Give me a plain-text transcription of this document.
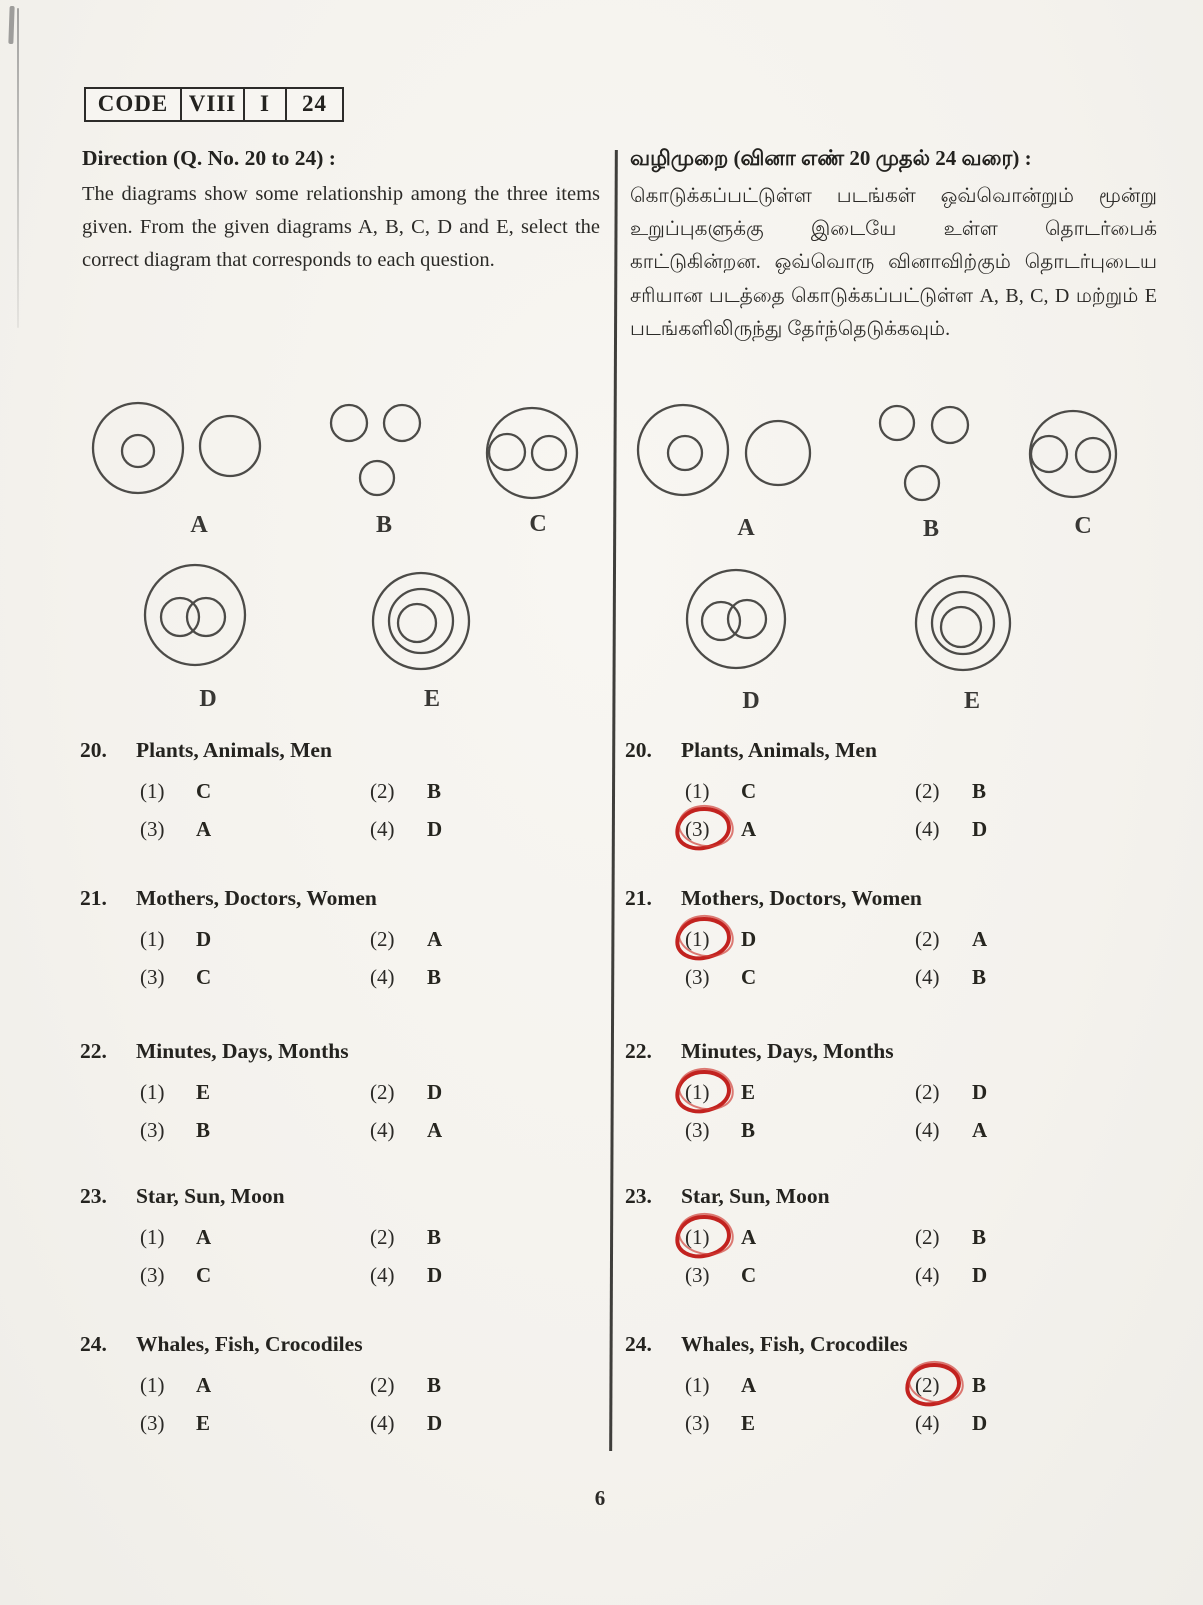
CODE VIII	I	24

Direction (Q. No. 20 to 24) :

The diagrams show some relationship among the three items given. From the given diagrams A, B, C, D and E, select the correct diagram that corresponds to each question.

வழிமுறை (வினா எண் 20 முதல் 24 வரை) :

கொடுக்கப்பட்டுள்ள படங்கள் ஒவ்வொன்றும் மூன்று உறுப்புகளுக்கு இடையே உள்ள தொடர்பைக் காட்டுகின்றன. ஒவ்வொரு வினாவிற்கும் தொடர்புடைய சரியான படத்தை கொடுக்கப்பட்டுள்ள A, B, C, D மற்றும் E படங்களிலிருந்து தேர்ந்தெடுக்கவும்.

A	B	C
D	E
A	B	C
D	E
20. Plants, Animals, Men
(1)	C	(2)	B
(3)	A	(4)	D
21. Mothers, Doctors, Women
(1)	D	(2)	A
(3)	C	(4)	B
22. Minutes, Days, Months
(1)	E	(2)	D
(3)	B	(4)	A
23. Star, Sun, Moon
(1)	A	(2)	B
(3)	C	(4)	D
24. Whales, Fish, Crocodiles
(1)	A	(2)	B
(3)	E	(4)	D
20. Plants, Animals, Men
(1)	C	(2)	B
(3)	A	(4)	D
21. Mothers, Doctors, Women
(1)	D	(2)	A
(3)	C	(4)	B
22. Minutes, Days, Months
(1)	E	(2)	D
(3)	B	(4)	A
23. Star, Sun, Moon
(1)	A	(2)	B
(3)	C	(4)	D
24. Whales, Fish, Crocodiles
(1)	A	(2)	B
(3)	E	(4)	D
6
